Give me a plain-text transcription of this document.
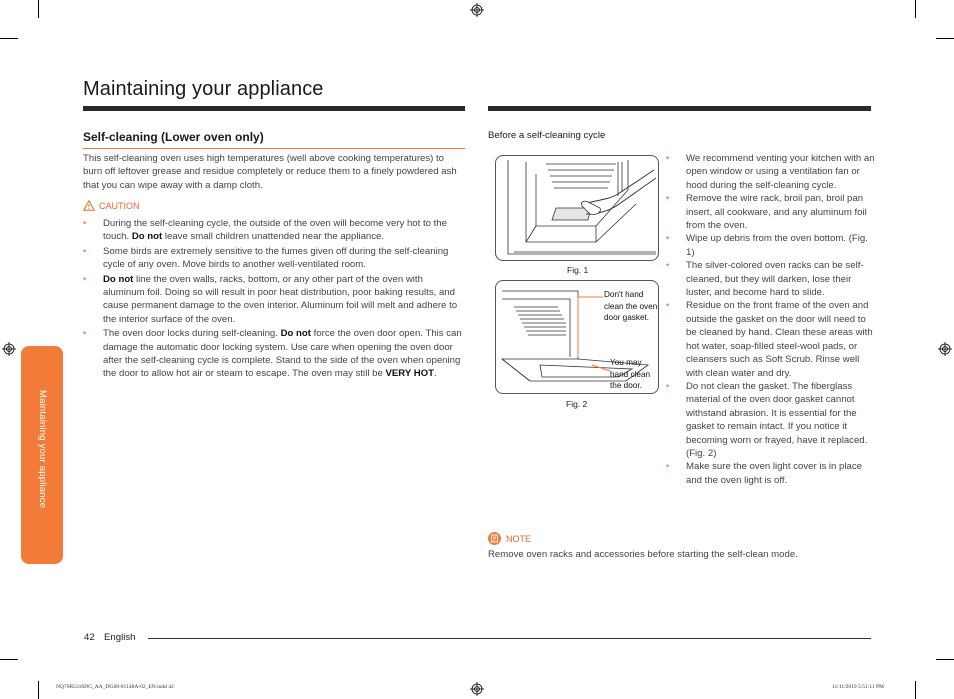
Maintaining your appliance
Self-cleaning (Lower oven only)

This self-cleaning oven uses high temperatures (well above cooking temperatures) to burn off leftover grease and residue completely or reduce them to a finely powdered ash that you can wipe away with a damp cloth.

CAUTION
• During the self-cleaning cycle, the outside of the oven will become very hot to the touch. Do not leave small children unattended near the appliance.
• Some birds are extremely sensitive to the fumes given off during the self-cleaning cycle of any oven. Move birds to another well-ventilated room.
• Do not line the oven walls, racks, bottom, or any other part of the oven with aluminum foil. Doing so will result in poor heat distribution, poor baking results, and cause permanent damage to the oven interior. Aluminum foil will melt and adhere to the interior surface of the oven.
• The oven door locks during self-cleaning. Do not force the oven door open. This can damage the automatic door locking system. Use care when opening the oven door after the self-cleaning cycle is complete. Stand to the side of the oven when opening the door to allow hot air or steam to escape. The oven may still be VERY HOT.
Before a self-cleaning cycle
Fig. 1
Don't hand clean the oven door gasket.
You may hand clean the door.
Fig. 2
• We recommend venting your kitchen with an open window or using a ventilation fan or hood during the self-cleaning cycle.
• Remove the wire rack, broil pan, broil pan insert, all cookware, and any aluminum foil from the oven.
• Wipe up debris from the oven bottom. (Fig. 1)
• The silver-colored oven racks can be self-cleaned, but they will darken, lose their luster, and become hard to slide.
• Residue on the front frame of the oven and outside the gasket on the door will need to be cleaned by hand. Clean these areas with hot water, soap-filled steel-wool pads, or cleansers such as Soft Scrub. Rinse well with clean water and dry.
• Do not clean the gasket. The fiberglass material of the oven door gasket cannot withstand abrasion. It is essential for the gasket to remain intact. If you notice it becoming worn or frayed, have it replaced. (Fig. 2)
• Make sure the oven light cover is in place and the oven light is off.
NOTE

Remove oven racks and accessories before starting the self-clean mode.

Maintaining your appliance
42 English
NQ70R5316DG_AA_DG68-01148A-02_EN.indd 42	11/11/2019 5:51:11 PM
